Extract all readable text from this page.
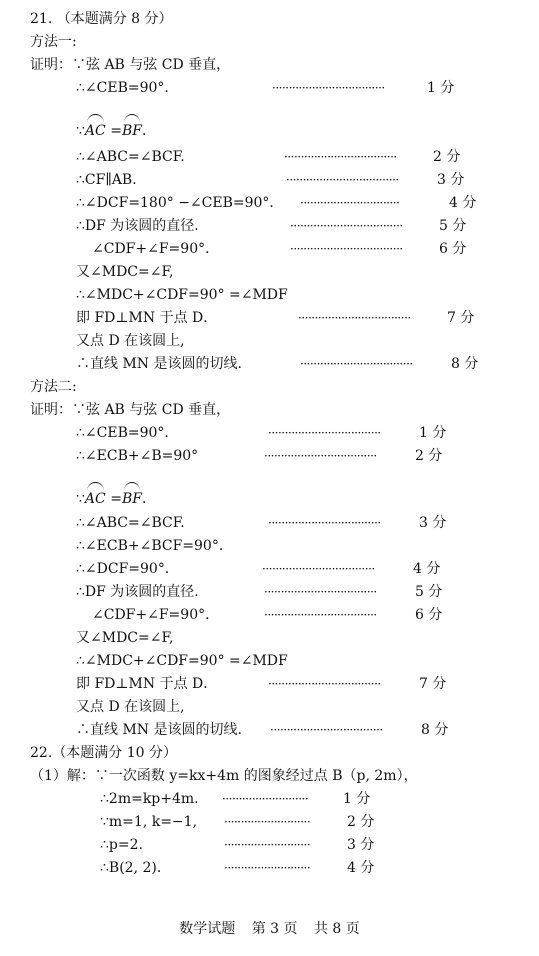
21. （本题满分 8 分）
方法一:
证明：∵弦 AB 与弦 CD 垂直，
∴∠CEB=90°．	··································	1 分
∵AC =BF．
∴∠ABC=∠BCF.	··································	2 分
∴CF∥AB.	··································	3 分
∴∠DCF=180° −∠CEB=90°． ······························	4 分
∴DF 为该圆的直径.	··································	5 分
∠CDF+∠F=90°．	··································	6 分
又∠MDC=∠F,
∴∠MDC+∠CDF=90° =∠MDF
即 FD⊥MN 于点 D．	··································	7 分
又点 D 在该圆上,
∴直线 MN 是该圆的切线.	··································	8 分
方法二:
证明：∵弦 AB 与弦 CD 垂直，
∴∠CEB=90°．	··································	1 分
∴∠ECB+∠B=90°	··································	2 分
∵AC =BF．
∴∠ABC=∠BCF.	··································	3 分
∴∠ECB+∠BCF=90°．
∴∠DCF=90°．	··································	4 分
∴DF 为该圆的直径.	··································	5 分
∠CDF+∠F=90°．	··································	6 分
又∠MDC=∠F,
∴∠MDC+∠CDF=90° =∠MDF
即 FD⊥MN 于点 D．	··································	7 分
又点 D 在该圆上,
∴直线 MN 是该圆的切线. ··································	8 分
22.（本题满分 10 分）
（1）解：∵一次函数 y=kx+4m 的图象经过点 B（p, 2m），
∴2m=kp+4m. ·························· 1 分
∵m=1, k=−1, ··························	2 分
∴p=2.	··························	3 分
∴B(2, 2).	··························	4 分
数学试题 第 3 页 共 8 页
